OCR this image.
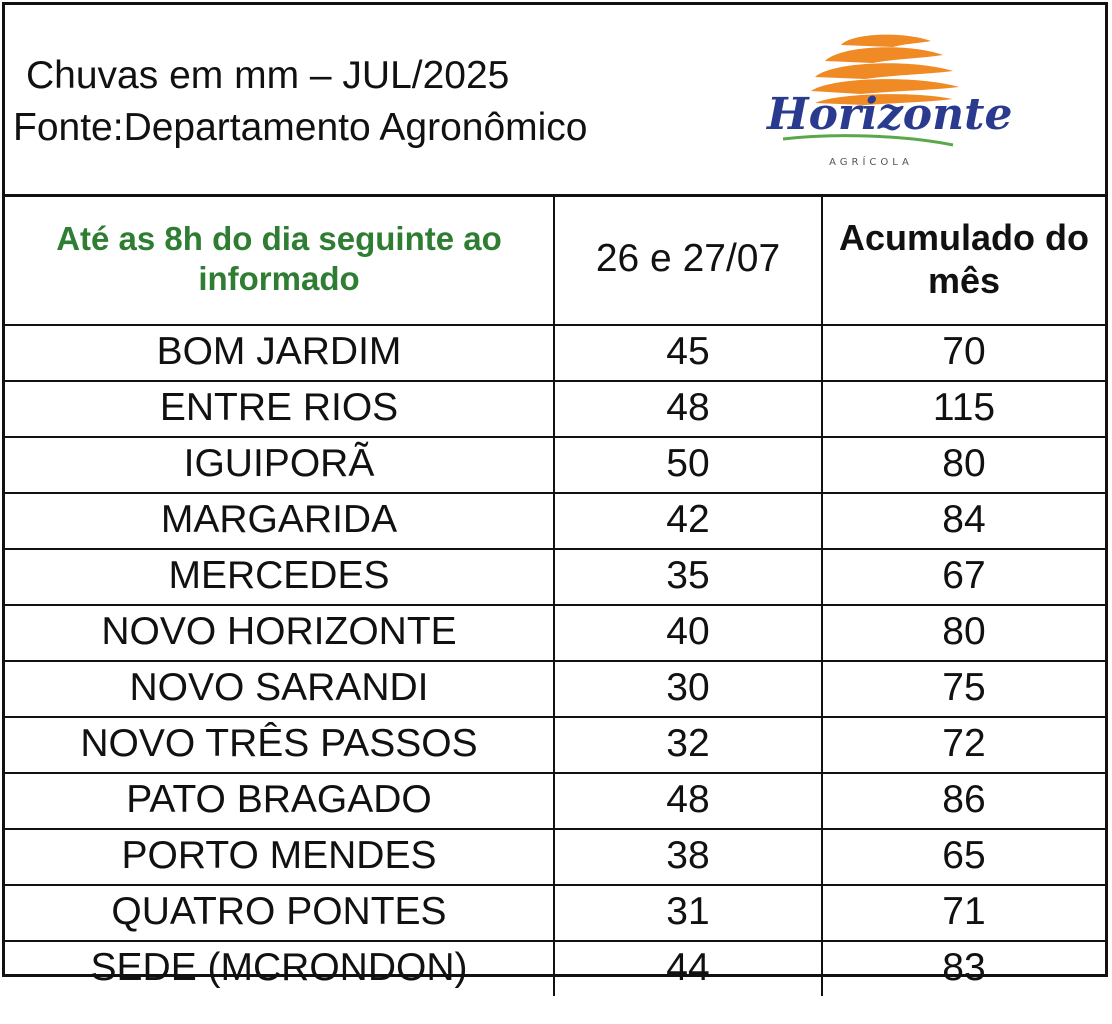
Chuvas em mm – JUL/2025
Fonte:Departamento Agronômico	Horizonte
AGRÍCOLA
Até as 8h do dia seguinte ao informado	26 e 27/07	Acumulado do mês
BOM JARDIM	45	70
ENTRE RIOS	48	115
IGUIPORÃ	50	80
MARGARIDA	42	84
MERCEDES	35	67
NOVO HORIZONTE	40	80
NOVO SARANDI	30	75
NOVO TRÊS PASSOS	32	72
PATO BRAGADO	48	86
PORTO MENDES	38	65
QUATRO PONTES	31	71
SEDE (MCRONDON)	44	83
